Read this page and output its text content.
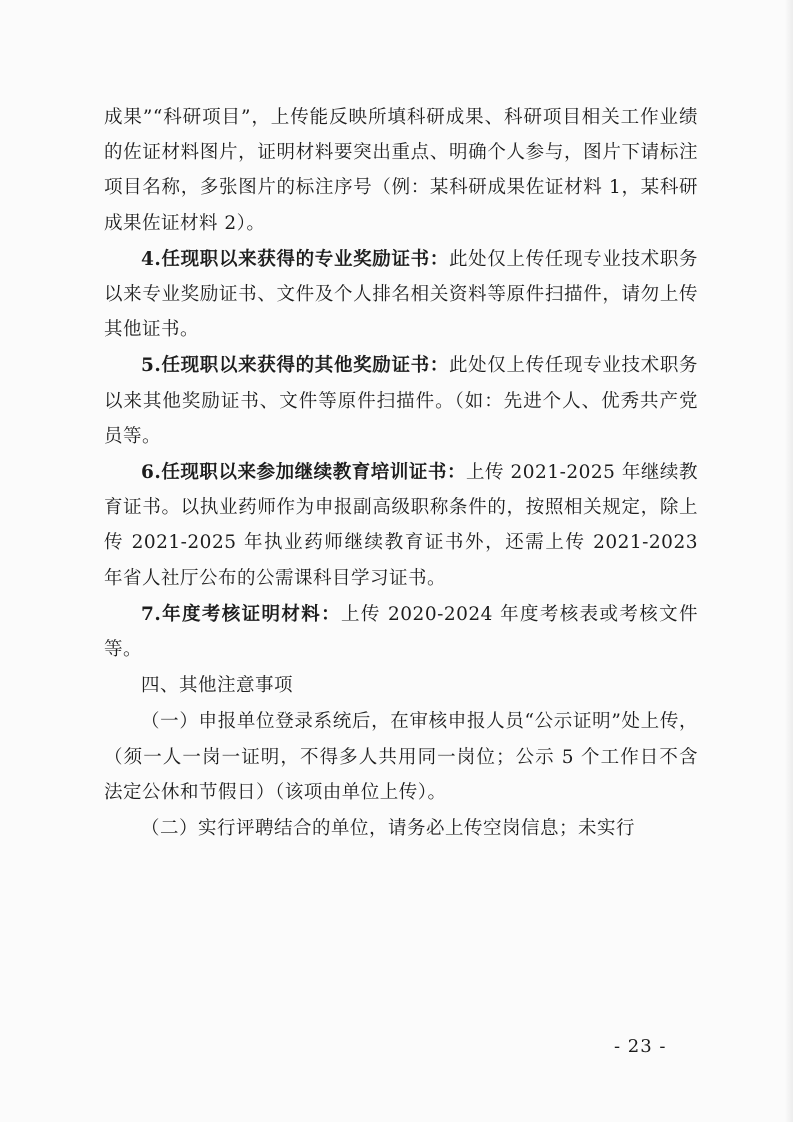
成果”“科研项目”，上传能反映所填科研成果、科研项目相关工作业绩的佐证材料图片，证明材料要突出重点、明确个人参与，图片下请标注项目名称，多张图片的标注序号（例：某科研成果佐证材料 1，某科研成果佐证材料 2）。

4.任现职以来获得的专业奖励证书：此处仅上传任现专业技术职务以来专业奖励证书、文件及个人排名相关资料等原件扫描件，请勿上传其他证书。

5.任现职以来获得的其他奖励证书：此处仅上传任现专业技术职务以来其他奖励证书、文件等原件扫描件。（如：先进个人、优秀共产党员等。

6.任现职以来参加继续教育培训证书：上传 2021-2025 年继续教育证书。以执业药师作为申报副高级职称条件的，按照相关规定，除上传 2021-2025 年执业药师继续教育证书外，还需上传 2021-2023 年省人社厅公布的公需课科目学习证书。

7.年度考核证明材料：上传 2020-2024 年度考核表或考核文件等。

四、其他注意事项

（一）申报单位登录系统后，在审核申报人员“公示证明”处上传，（须一人一岗一证明，不得多人共用同一岗位；公示 5 个工作日不含法定公休和节假日）（该项由单位上传）。

（二）实行评聘结合的单位，请务必上传空岗信息；未实行

- 23 -
